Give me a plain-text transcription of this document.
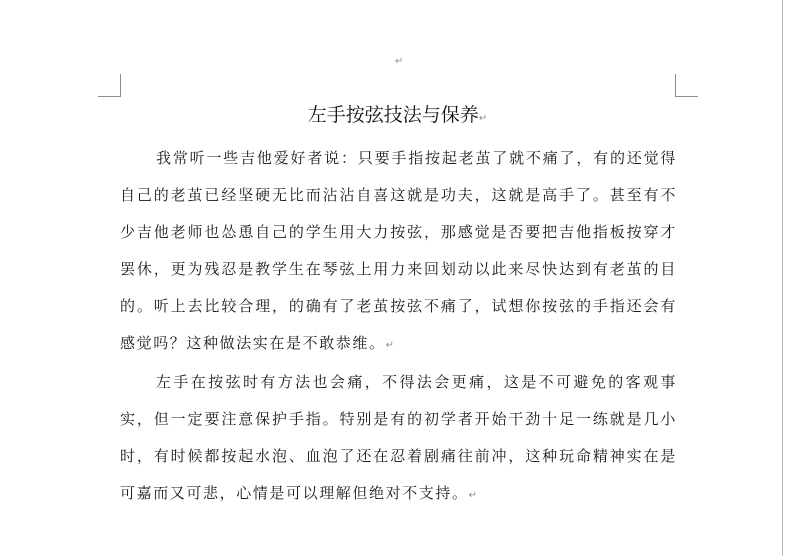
↵
左手按弦技法与保养↵

我常听一些吉他爱好者说：只要手指按起老茧了就不痛了，有的还觉得自己的老茧已经坚硬无比而沾沾自喜这就是功夫，这就是高手了。甚至有不少吉他老师也怂恿自己的学生用大力按弦，那感觉是否要把吉他指板按穿才罢休，更为残忍是教学生在琴弦上用力来回划动以此来尽快达到有老茧的目的。听上去比较合理，的确有了老茧按弦不痛了，试想你按弦的手指还会有感觉吗？这种做法实在是不敢恭维。↵

左手在按弦时有方法也会痛，不得法会更痛，这是不可避免的客观事实，但一定要注意保护手指。特别是有的初学者开始干劲十足一练就是几小时，有时候都按起水泡、血泡了还在忍着剧痛往前冲，这种玩命精神实在是可嘉而又可悲，心情是可以理解但绝对不支持。↵
